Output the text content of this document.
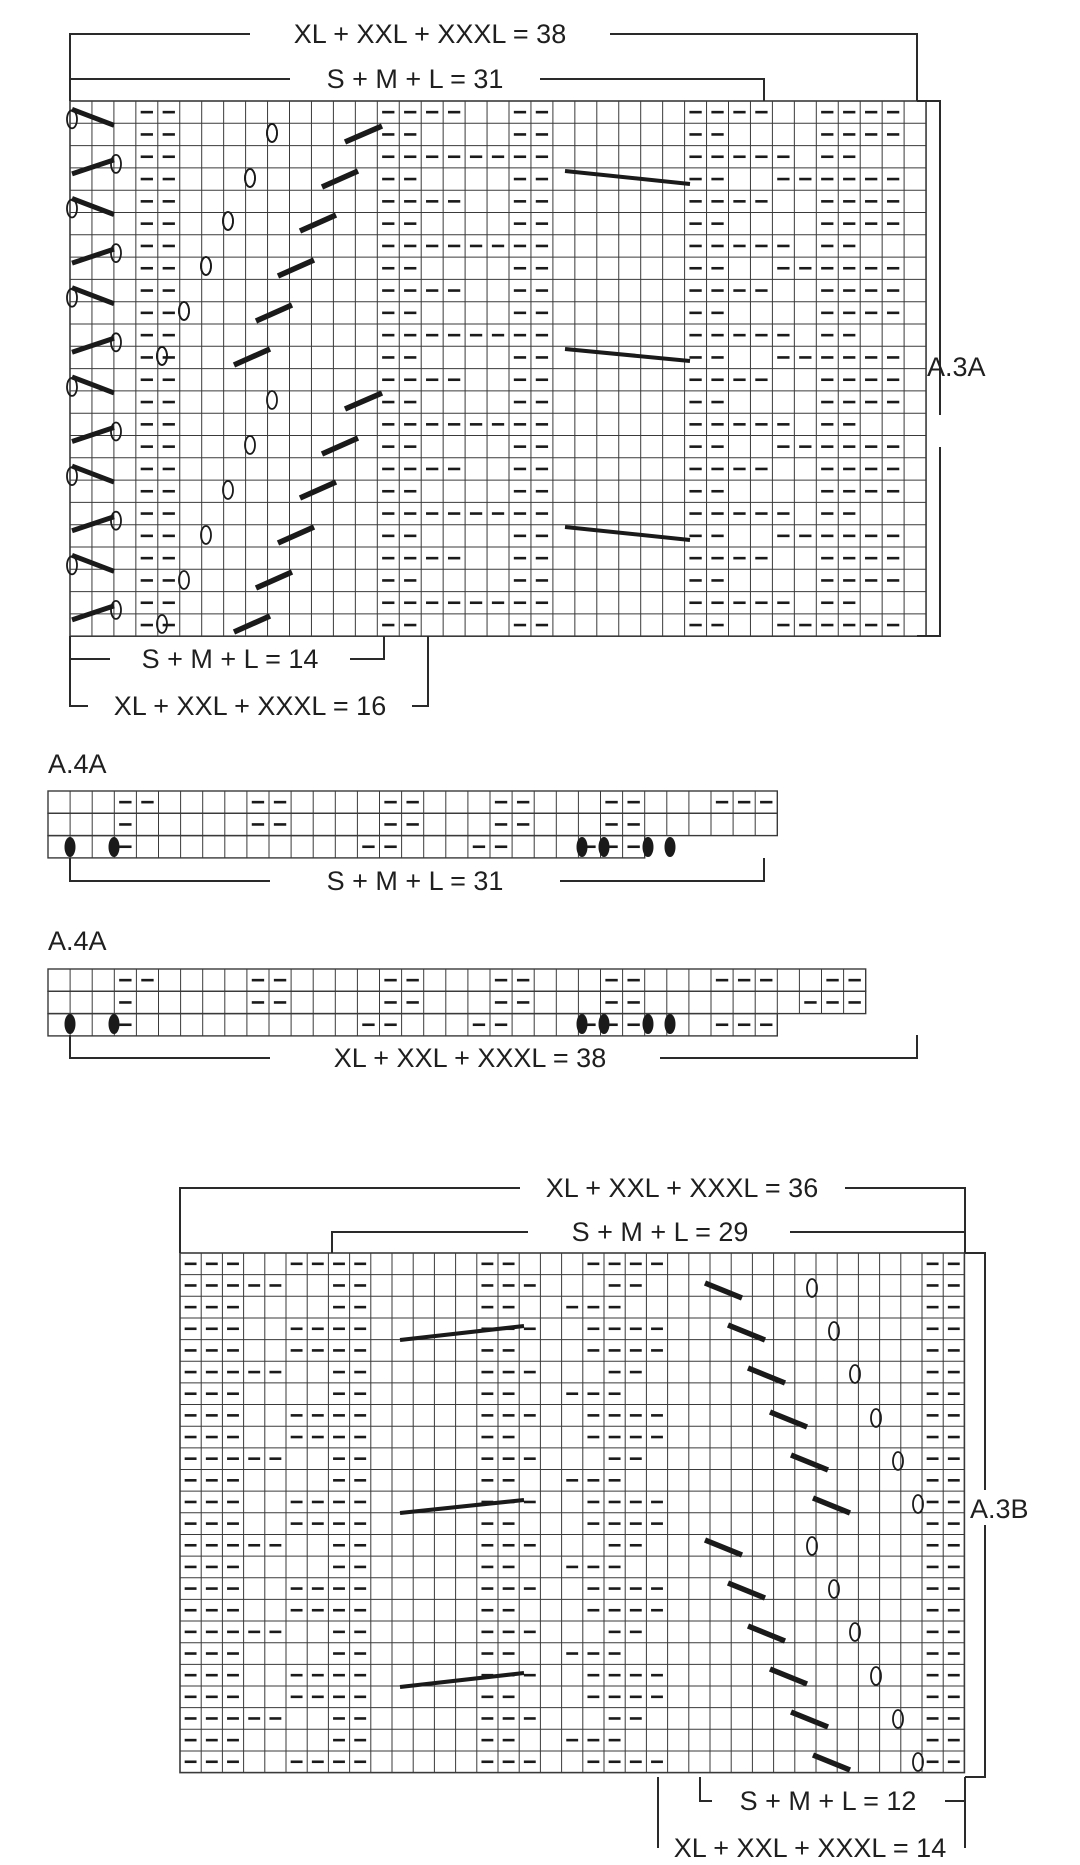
XL + XXL + XXXL = 38
S + M + L = 31
A.3A
S + M + L = 14
XL + XXL + XXXL = 16
A.4A
S + M + L = 31
A.4A
XL + XXL + XXXL = 38
XL + XXL + XXXL = 36
S + M + L = 29
A.3B
S + M + L = 12
XL + XXL + XXXL = 14
